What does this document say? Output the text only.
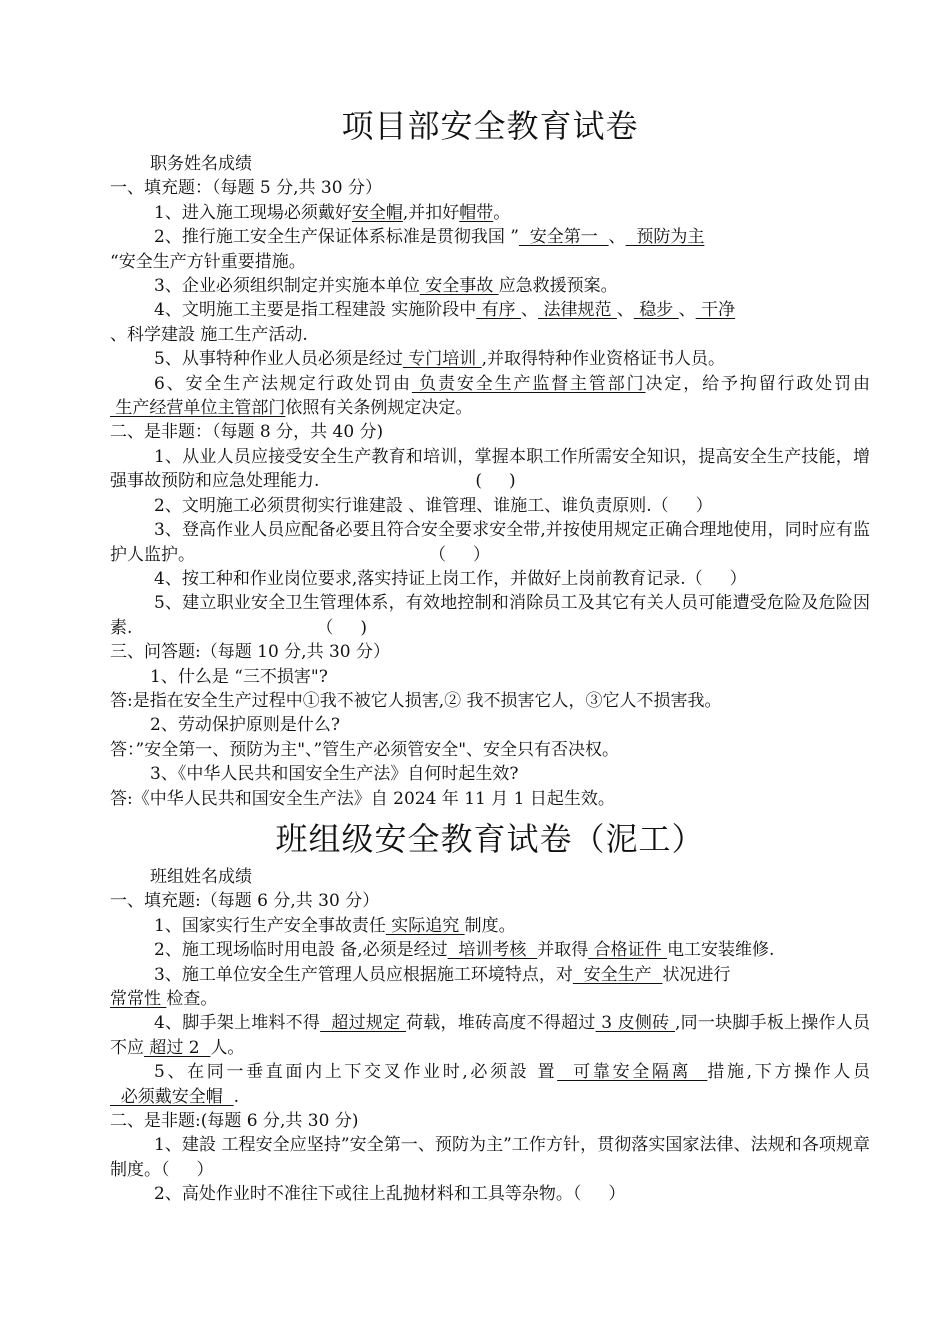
项目部安全教育试卷
职务姓名成绩
一、填充题：（每题 5 分,共 30 分）
1、进入施工现場必须戴好安全帽,并扣好帽带。
2、推行施工安全生产保证体系标准是贯彻我国 ”  安全第一  、  预防为主
“安全生产方针重要措施。
3、企业必须组织制定并实施本单位 安全事故 应急救援预案。
4、文明施工主要是指工程建設 实施阶段中 有序 、 法律规范 、 稳步 、 干净
、科学建設 施工生产活动.
5、从事特种作业人员必须是经过 专门培训 ,并取得特种作业资格证书人员。
6、安全生产法规定行政处罚由 负责安全生产监督主管部门决定，给予拘留行政处罚由 生产经营单位主管部门依照有关条例规定决定。
二、是非题：（每题 8 分，共 40 分)
1、从业人员应接受安全生产教育和培训，掌握本职工作所需安全知识，提高安全生产技能，增强事故预防和应急处理能力.	(     )
2、文明施工必须贯彻实行谁建設 、谁管理、谁施工、谁负责原则.（     ）
3、登高作业人员应配备必要且符合安全要求安全带,并按使用规定正确合理地使用，同时应有监护人监护。	（     ）
4、按工种和作业岗位要求,落实持证上岗工作，并做好上岗前教育记录.（     ）
5、建立职业安全卫生管理体系，有效地控制和消除员工及其它有关人员可能遭受危险及危险因素.	（     )
三、问答题:（每题 10 分,共 30 分）
1、什么是 “三不损害"?
答:是指在安全生产过程中①我不被它人损害,② 我不损害它人，③它人不损害我。
2、劳动保护原则是什么?
答：”安全第一、预防为主"、”管生产必须管安全"、安全只有否决权。
3、《中华人民共和国安全生产法》自何时起生效?
答:《中华人民共和国安全生产法》自 2024 年 11 月 1 日起生效。
班组级安全教育试卷（泥工）
班组姓名成绩
一、填充题:（每题 6 分,共 30 分）
1、国家实行生产安全事故责任 实际追究 制度。
2、施工现场临时用电設 备,必须是经过  培训考核  并取得 合格证件 电工安装维修.
3、施工单位安全生产管理人员应根据施工环境特点，对  安全生产  状况进行
常常性 检查。
4、脚手架上堆料不得  超过规定 荷载，堆砖高度不得超过 3 皮侧砖 ,同一块脚手板上操作人员不应 超过 2  人。
5、在同一垂直面内上下交叉作业时,必须設 置  可靠安全隔离  措施,下方操作人员  必须戴安全帽  .
二、是非题:(每题 6 分,共 30 分)
1、建設 工程安全应坚持”安全第一、预防为主”工作方针，贯彻落实国家法律、法规和各项规章制度。（     ）
2、高处作业时不准往下或往上乱抛材料和工具等杂物。（     ）
